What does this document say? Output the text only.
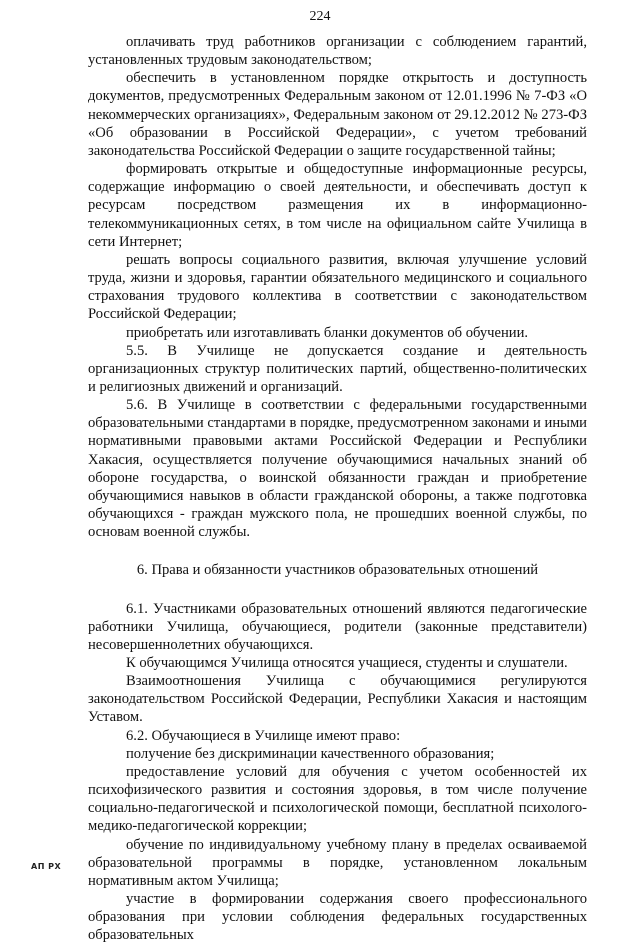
224

оплачивать труд работников организации с соблюдением гарантий, установленных трудовым законодательством;

обеспечить в установленном порядке открытость и доступность документов, предусмотренных Федеральным законом от 12.01.1996 № 7-ФЗ «О некоммерческих организациях», Федеральным законом от 29.12.2012 № 273-ФЗ «Об образовании в Российской Федерации», с учетом требований законодательства Российской Федерации о защите государственной тайны;

формировать открытые и общедоступные информационные ресурсы, содержащие информацию о своей деятельности, и обеспечивать доступ к ресурсам посредством размещения их в информационно-телекоммуникационных сетях, в том числе на официальном сайте Училища в сети Интернет;

решать вопросы социального развития, включая улучшение условий труда, жизни и здоровья, гарантии обязательного медицинского и социального страхования трудового коллектива в соответствии с законодательством Российской Федерации;

приобретать или изготавливать бланки документов об обучении.

5.5. В Училище не допускается создание и деятельность организационных структур политических партий, общественно-политических и религиозных движений и организаций.

5.6. В Училище в соответствии с федеральными государственными образовательными стандартами в порядке, предусмотренном законами и иными нормативными правовыми актами Российской Федерации и Республики Хакасия, осуществляется получение обучающимися начальных знаний об обороне государства, о воинской обязанности граждан и приобретение обучающимися навыков в области гражданской обороны, а также подготовка обучающихся - граждан мужского пола, не прошедших военной службы, по основам военной службы.

6. Права и обязанности участников образовательных отношений

6.1. Участниками образовательных отношений являются педагогические работники Училища, обучающиеся, родители (законные представители) несовершеннолетних обучающихся.

К обучающимся Училища относятся учащиеся, студенты и слушатели.

Взаимоотношения Училища с обучающимися регулируются законодательством Российской Федерации, Республики Хакасия и настоящим Уставом.

6.2. Обучающиеся в Училище имеют право:

получение без дискриминации качественного образования;

предоставление условий для обучения с учетом особенностей их психофизического развития и состояния здоровья, в том числе получение социально-педагогической и психологической помощи, бесплатной психолого-медико-педагогической коррекции;

обучение по индивидуальному учебному плану в пределах осваиваемой образовательной программы в порядке, установленном локальным нормативным актом Училища;

участие в формировании содержания своего профессионального образования при условии соблюдения федеральных государственных образовательных

АП РХ
